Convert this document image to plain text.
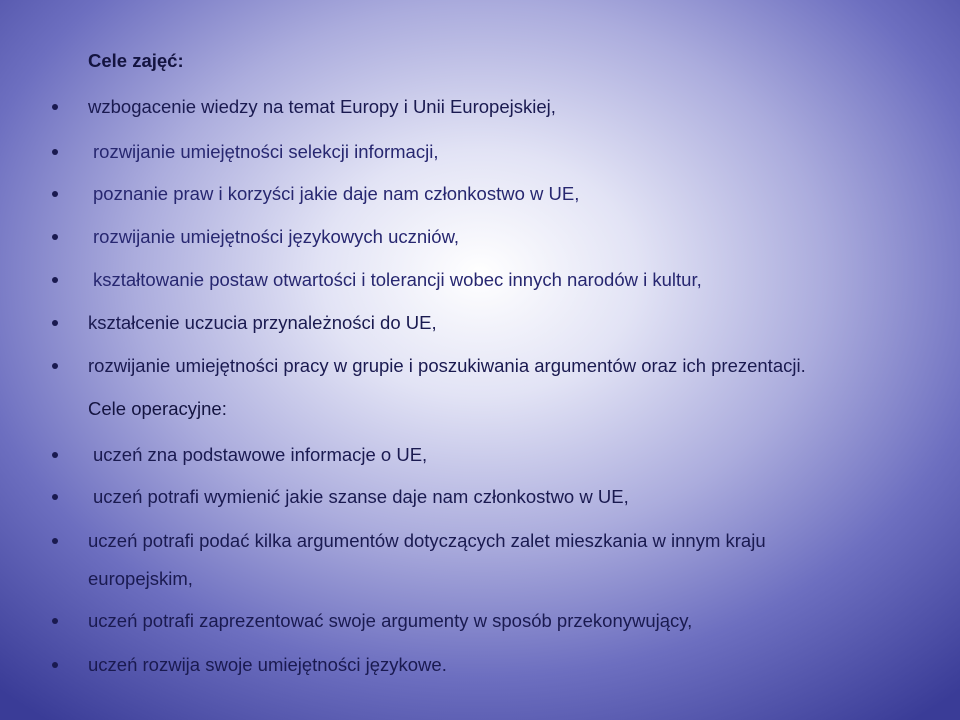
Cele zajęć:
wzbogacenie wiedzy na temat Europy i Unii Europejskiej,
rozwijanie umiejętności selekcji informacji,
poznanie praw i korzyści jakie daje nam członkostwo w UE,
rozwijanie umiejętności językowych uczniów,
kształtowanie postaw otwartości i tolerancji wobec innych narodów i kultur,
kształcenie uczucia przynależności do UE,
rozwijanie umiejętności pracy w grupie i poszukiwania argumentów oraz ich prezentacji.
Cele operacyjne:
uczeń zna podstawowe informacje o UE,
uczeń potrafi wymienić jakie szanse daje nam członkostwo w UE,
uczeń potrafi podać kilka argumentów dotyczących zalet mieszkania w innym kraju
europejskim,
uczeń potrafi zaprezentować swoje argumenty w sposób przekonywujący,
uczeń rozwija swoje umiejętności językowe.
